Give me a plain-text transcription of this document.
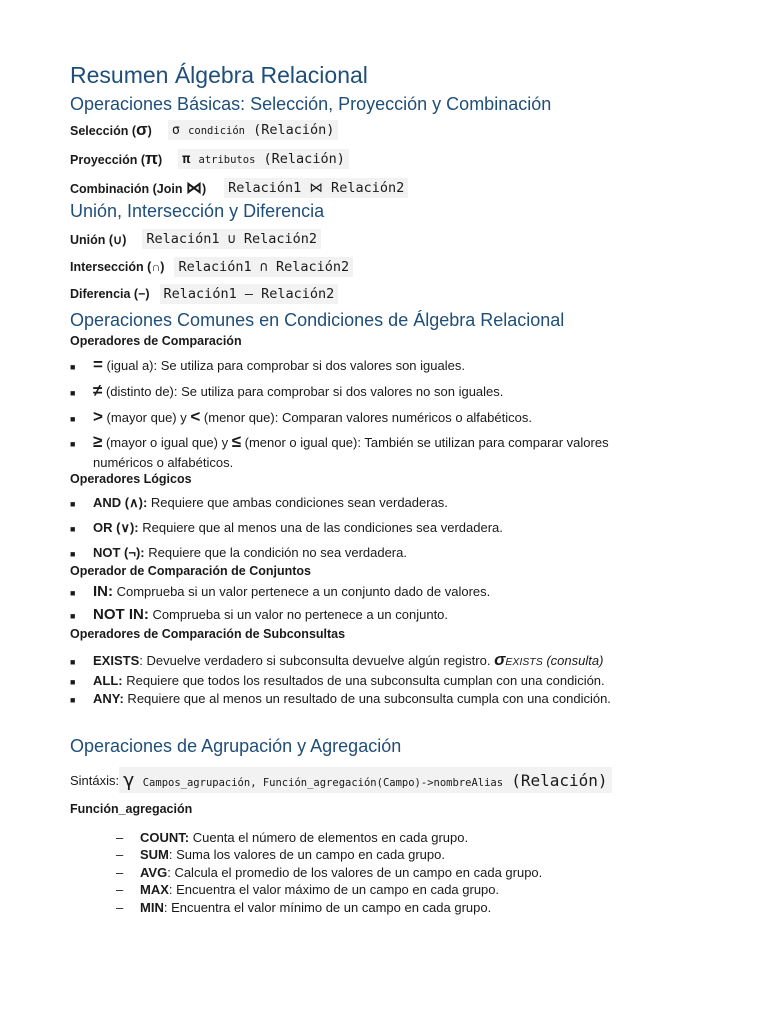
Resumen Álgebra Relacional
Operaciones Básicas: Selección, Proyección y Combinación
Selección (σ) σ condición (Relación)
Proyección (π) π atributos (Relación)
Combinación (Join ⋈) Relación1 ⋈ Relación2
Unión, Intersección y Diferencia
Unión (∪) Relación1 ∪ Relación2
Intersección (∩) Relación1 ∩ Relación2
Diferencia (−) Relación1 — Relación2
Operaciones Comunes en Condiciones de Álgebra Relacional
Operadores de Comparación
■ = (igual a): Se utiliza para comprobar si dos valores son iguales.
■ ≠ (distinto de): Se utiliza para comprobar si dos valores no son iguales.
■ > (mayor que) y < (menor que): Comparan valores numéricos o alfabéticos.
■ ≥ (mayor o igual que) y ≤ (menor o igual que): También se utilizan para comparar valores
numéricos o alfabéticos.
Operadores Lógicos
■ AND (∧): Requiere que ambas condiciones sean verdaderas.
■ OR (∨): Requiere que al menos una de las condiciones sea verdadera.
■ NOT (¬): Requiere que la condición no sea verdadera.
Operador de Comparación de Conjuntos
■ IN: Comprueba si un valor pertenece a un conjunto dado de valores.
■ NOT IN: Comprueba si un valor no pertenece a un conjunto.
Operadores de Comparación de Subconsultas
■ EXISTS: Devuelve verdadero si subconsulta devuelve algún registro. σEXISTS (consulta)
■ ALL: Requiere que todos los resultados de una subconsulta cumplan con una condición.
■ ANY: Requiere que al menos un resultado de una subconsulta cumpla con una condición.
Operaciones de Agrupación y Agregación
Sintáxis: γ Campos_agrupación, Función_agregación(Campo)->nombreAlias (Relación)
Función_agregación
– COUNT: Cuenta el número de elementos en cada grupo.
– SUM: Suma los valores de un campo en cada grupo.
– AVG: Calcula el promedio de los valores de un campo en cada grupo.
– MAX: Encuentra el valor máximo de un campo en cada grupo.
– MIN: Encuentra el valor mínimo de un campo en cada grupo.
